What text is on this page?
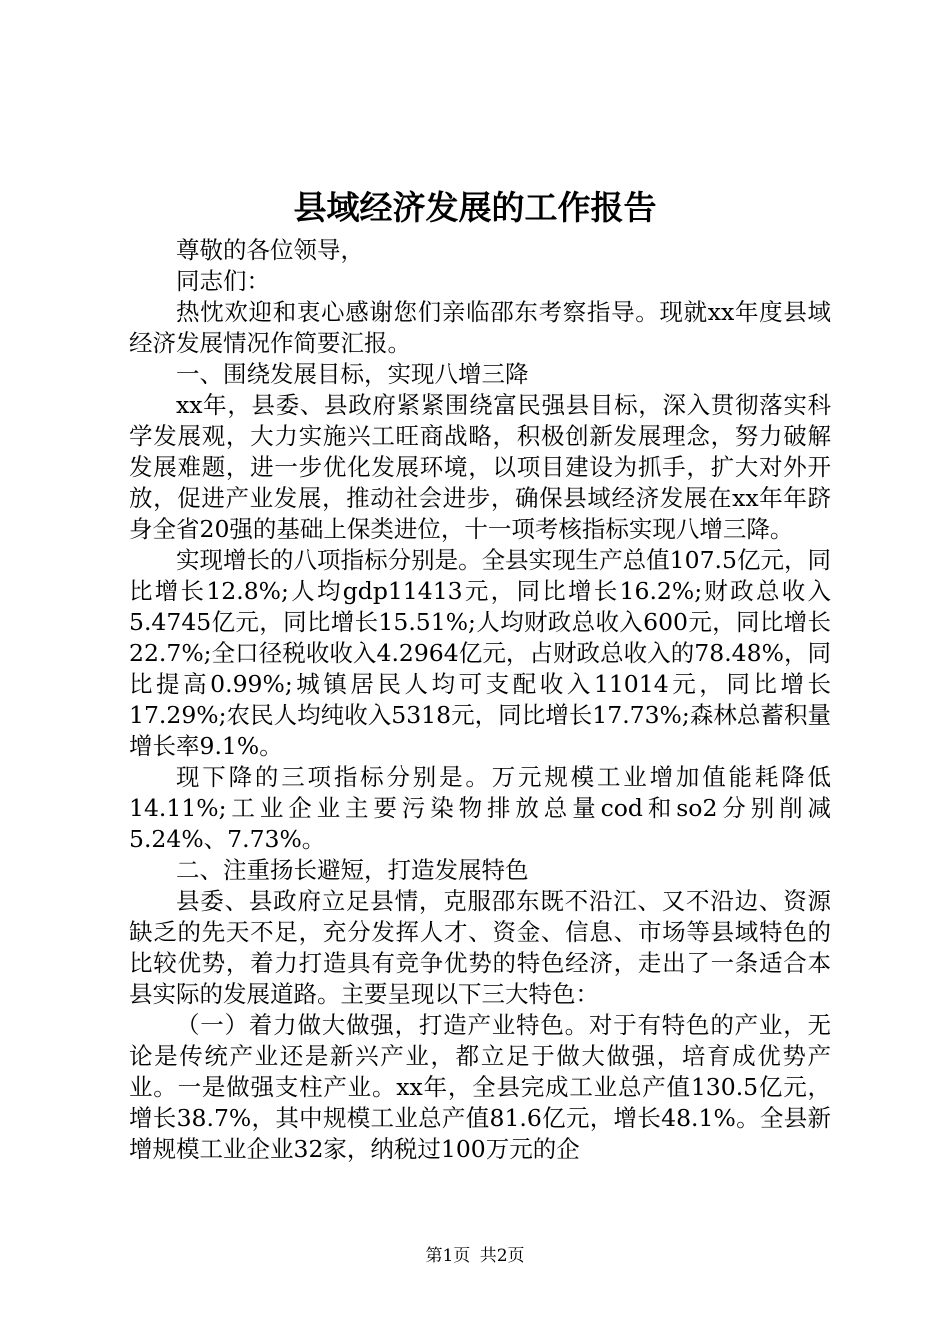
县域经济发展的工作报告

尊敬的各位领导，

同志们：

热忱欢迎和衷心感谢您们亲临邵东考察指导。现就xx年度县域经济发展情况作简要汇报。

一、围绕发展目标，实现八增三降

xx年，县委、县政府紧紧围绕富民强县目标，深入贯彻落实科学发展观，大力实施兴工旺商战略，积极创新发展理念，努力破解发展难题，进一步优化发展环境，以项目建设为抓手，扩大对外开放，促进产业发展，推动社会进步，确保县域经济发展在xx年年跻身全省20强的基础上保类进位，十一项考核指标实现八增三降。

实现增长的八项指标分别是。全县实现生产总值107.5亿元，同比增长12.8%;人均gdp11413元，同比增长16.2%;财政总收入5.4745亿元，同比增长15.51%;人均财政总收入600元，同比增长22.7%;全口径税收收入4.2964亿元，占财政总收入的78.48%，同比提高0.99%;城镇居民人均可支配收入11014元，同比增长17.29%;农民人均纯收入5318元，同比增长17.73%;森林总蓄积量增长率9.1%。

现下降的三项指标分别是。万元规模工业增加值能耗降低14.11%;工业企业主要污染物排放总量cod和so2分别削减5.24%、7.73%。

二、注重扬长避短，打造发展特色

县委、县政府立足县情，克服邵东既不沿江、又不沿边、资源缺乏的先天不足，充分发挥人才、资金、信息、市场等县域特色的比较优势，着力打造具有竞争优势的特色经济，走出了一条适合本县实际的发展道路。主要呈现以下三大特色：

（一）着力做大做强，打造产业特色。对于有特色的产业，无论是传统产业还是新兴产业，都立足于做大做强，培育成优势产业。一是做强支柱产业。xx年，全县完成工业总产值130.5亿元，增长38.7%，其中规模工业总产值81.6亿元，增长48.1%。全县新增规模工业企业32家，纳税过100万元的企

第1页 共2页
